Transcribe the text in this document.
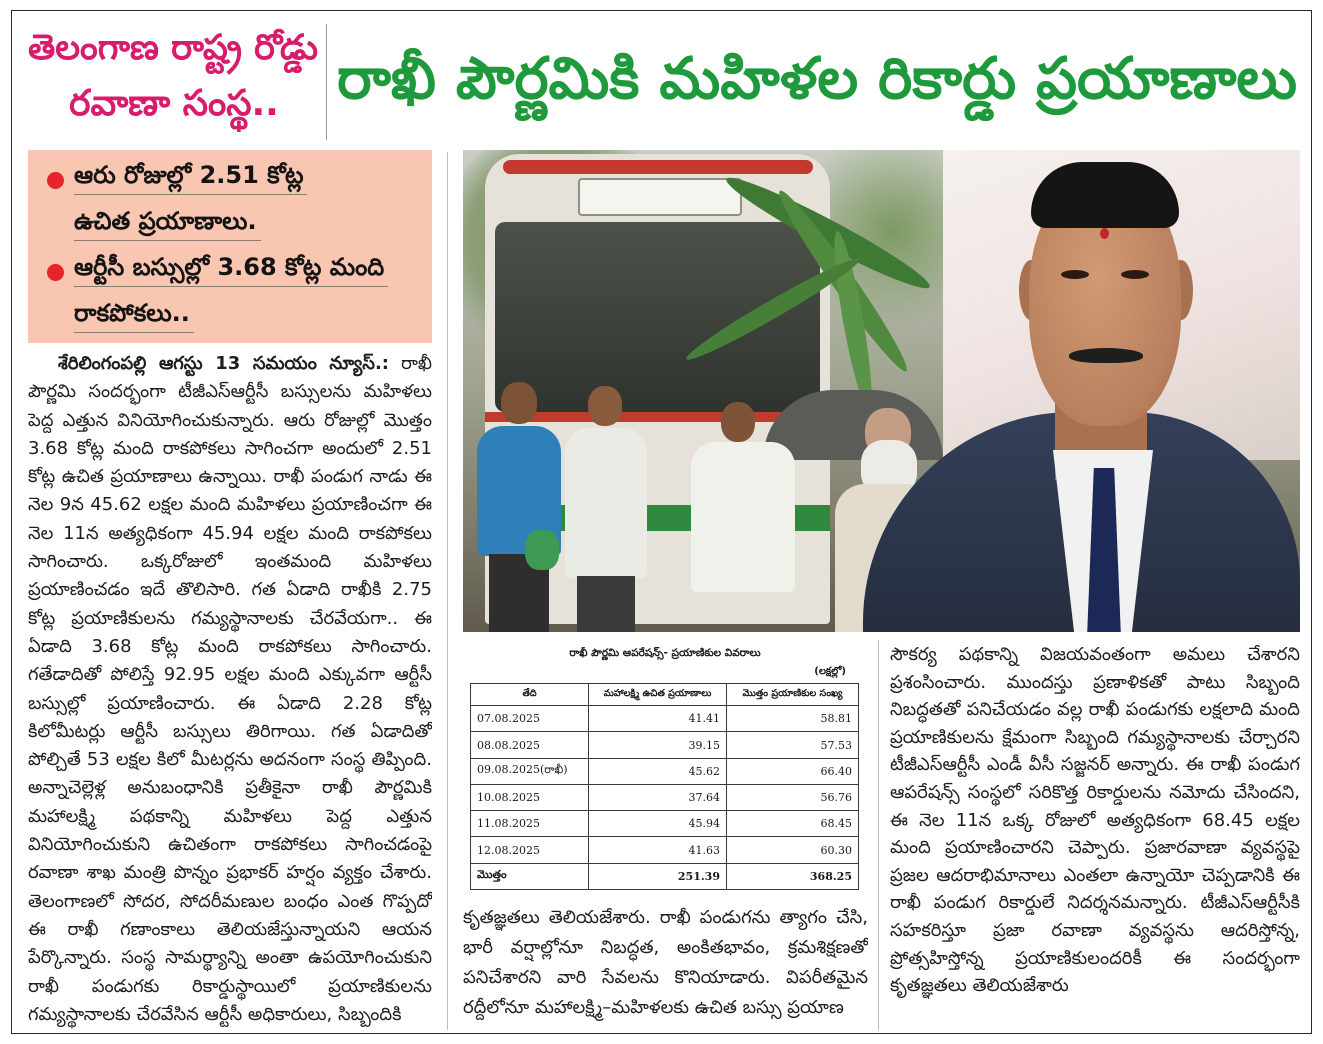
తెలంగాణ రాష్ట్ర రోడ్డు
రవాణా సంస్థ..	రాఖీ పౌర్ణమికి మహిళల రికార్డు ప్రయాణాలు
ఆరు రోజుల్లో 2.51 కోట్ల
ఉచిత ప్రయాణాలు.
ఆర్టీసీ బస్సుల్లో 3.68 కోట్ల మంది
రాకపోకలు..
శేరిలింగంపల్లి ఆగస్టు 13 సమయం న్యూస్.: రాఖీ పౌర్ణమి సందర్భంగా టీజీఎస్ఆర్టీసీ బస్సులను మహిళలు పెద్ద ఎత్తున వినియోగించుకున్నారు. ఆరు రోజుల్లో మొత్తం 3.68 కోట్ల మంది రాకపోకలు సాగించగా అందులో 2.51 కోట్ల ఉచిత ప్రయాణాలు ఉన్నాయి. రాఖీ పండుగ నాడు ఈ నెల 9న 45.62 లక్షల మంది మహిళలు ప్రయాణించగా ఈ నెల 11న అత్యధికంగా 45.94 లక్షల మంది రాకపోకలు సాగించారు. ఒక్కరోజులో ఇంతమంది మహిళలు ప్రయాణించడం ఇదే తొలిసారి. గత ఏడాది రాఖీకి 2.75 కోట్ల ప్రయాణికులను గమ్యస్థానాలకు చేరవేయగా.. ఈ ఏడాది 3.68 కోట్ల మంది రాకపోకలు సాగించారు. గతేడాదితో పోలిస్తే 92.95 లక్షల మంది ఎక్కువగా ఆర్టీసీ బస్సుల్లో ప్రయాణించారు. ఈ ఏడాది 2.28 కోట్ల కిలోమీటర్లు ఆర్టీసీ బస్సులు తిరిగాయి. గత ఏడాదితో పోల్చితే 53 లక్షల కిలో మీటర్లను అదనంగా సంస్థ తిప్పింది. అన్నాచెల్లెళ్ల అనుబంధానికి ప్రతీకైనా రాఖీ పౌర్ణమికి మహాలక్ష్మి పథకాన్ని మహిళలు పెద్ద ఎత్తున వినియోగించుకుని ఉచితంగా రాకపోకలు సాగించడంపై రవాణా శాఖ మంత్రి పొన్నం ప్రభాకర్ హర్షం వ్యక్తం చేశారు. తెలంగాణలో సోదర, సోదరీమణుల బంధం ఎంత గొప్పదో ఈ రాఖీ గణాంకాలు తెలియజేస్తున్నాయని ఆయన పేర్కొన్నారు. సంస్థ సామర్థ్యాన్ని అంతా ఉపయోగించుకుని రాఖీ పండుగకు రికార్డుస్థాయిలో ప్రయాణికులను గమ్యస్థానాలకు చేరవేసిన ఆర్టీసీ అధికారులు, సిబ్బందికి
రాఖీ పౌర్ణమి ఆపరేషన్స్- ప్రయాణికుల వివరాలు
(లక్షల్లో)
తేది	మహాలక్ష్మి ఉచిత ప్రయాణాలు	మొత్తం ప్రయాణికుల సంఖ్య
07.08.2025	41.41	58.81
08.08.2025	39.15	57.53
09.08.2025(రాఖీ)	45.62	66.40
10.08.2025	37.64	56.76
11.08.2025	45.94	68.45
12.08.2025	41.63	60.30
మొత్తం	251.39	368.25
కృతజ్ఞతలు తెలియజేశారు. రాఖీ పండుగను త్యాగం చేసి, భారీ వర్షాల్లోనూ నిబద్ధత, అంకితభావం, క్రమశిక్షణతో పనిచేశారని వారి సేవలను కొనియాడారు. విపరీతమైన రద్దీలోనూ మహాలక్ష్మి–మహిళలకు ఉచిత బస్సు ప్రయాణ
సౌకర్య పథకాన్ని విజయవంతంగా అమలు చేశారని ప్రశంసించారు. ముందస్తు ప్రణాళికతో పాటు సిబ్బంది నిబద్ధతతో పనిచేయడం వల్ల రాఖీ పండుగకు లక్షలాది మంది ప్రయాణికులను క్షేమంగా సిబ్బంది గమ్యస్థానాలకు చేర్చారని టీజీఎస్ఆర్టీసీ ఎండీ వీసీ సజ్జనర్ అన్నారు. ఈ రాఖీ పండుగ ఆపరేషన్స్ సంస్థలో సరికొత్త రికార్డులను నమోదు చేసిందని, ఈ నెల 11న ఒక్క రోజులో అత్యధికంగా 68.45 లక్షల మంది ప్రయాణించారని చెప్పారు. ప్రజారవాణా వ్యవస్థపై ప్రజల ఆదరాభిమానాలు ఎంతలా ఉన్నాయో చెప్పడానికి ఈ రాఖీ పండుగ రికార్డులే నిదర్శనమన్నారు. టీజీఎస్ఆర్టీసీకి సహకరిస్తూ ప్రజా రవాణా వ్యవస్థను ఆదరిస్తోన్న, ప్రోత్సహిస్తోన్న ప్రయాణికులందరికీ ఈ సందర్భంగా కృతజ్ఞతలు తెలియజేశారు
